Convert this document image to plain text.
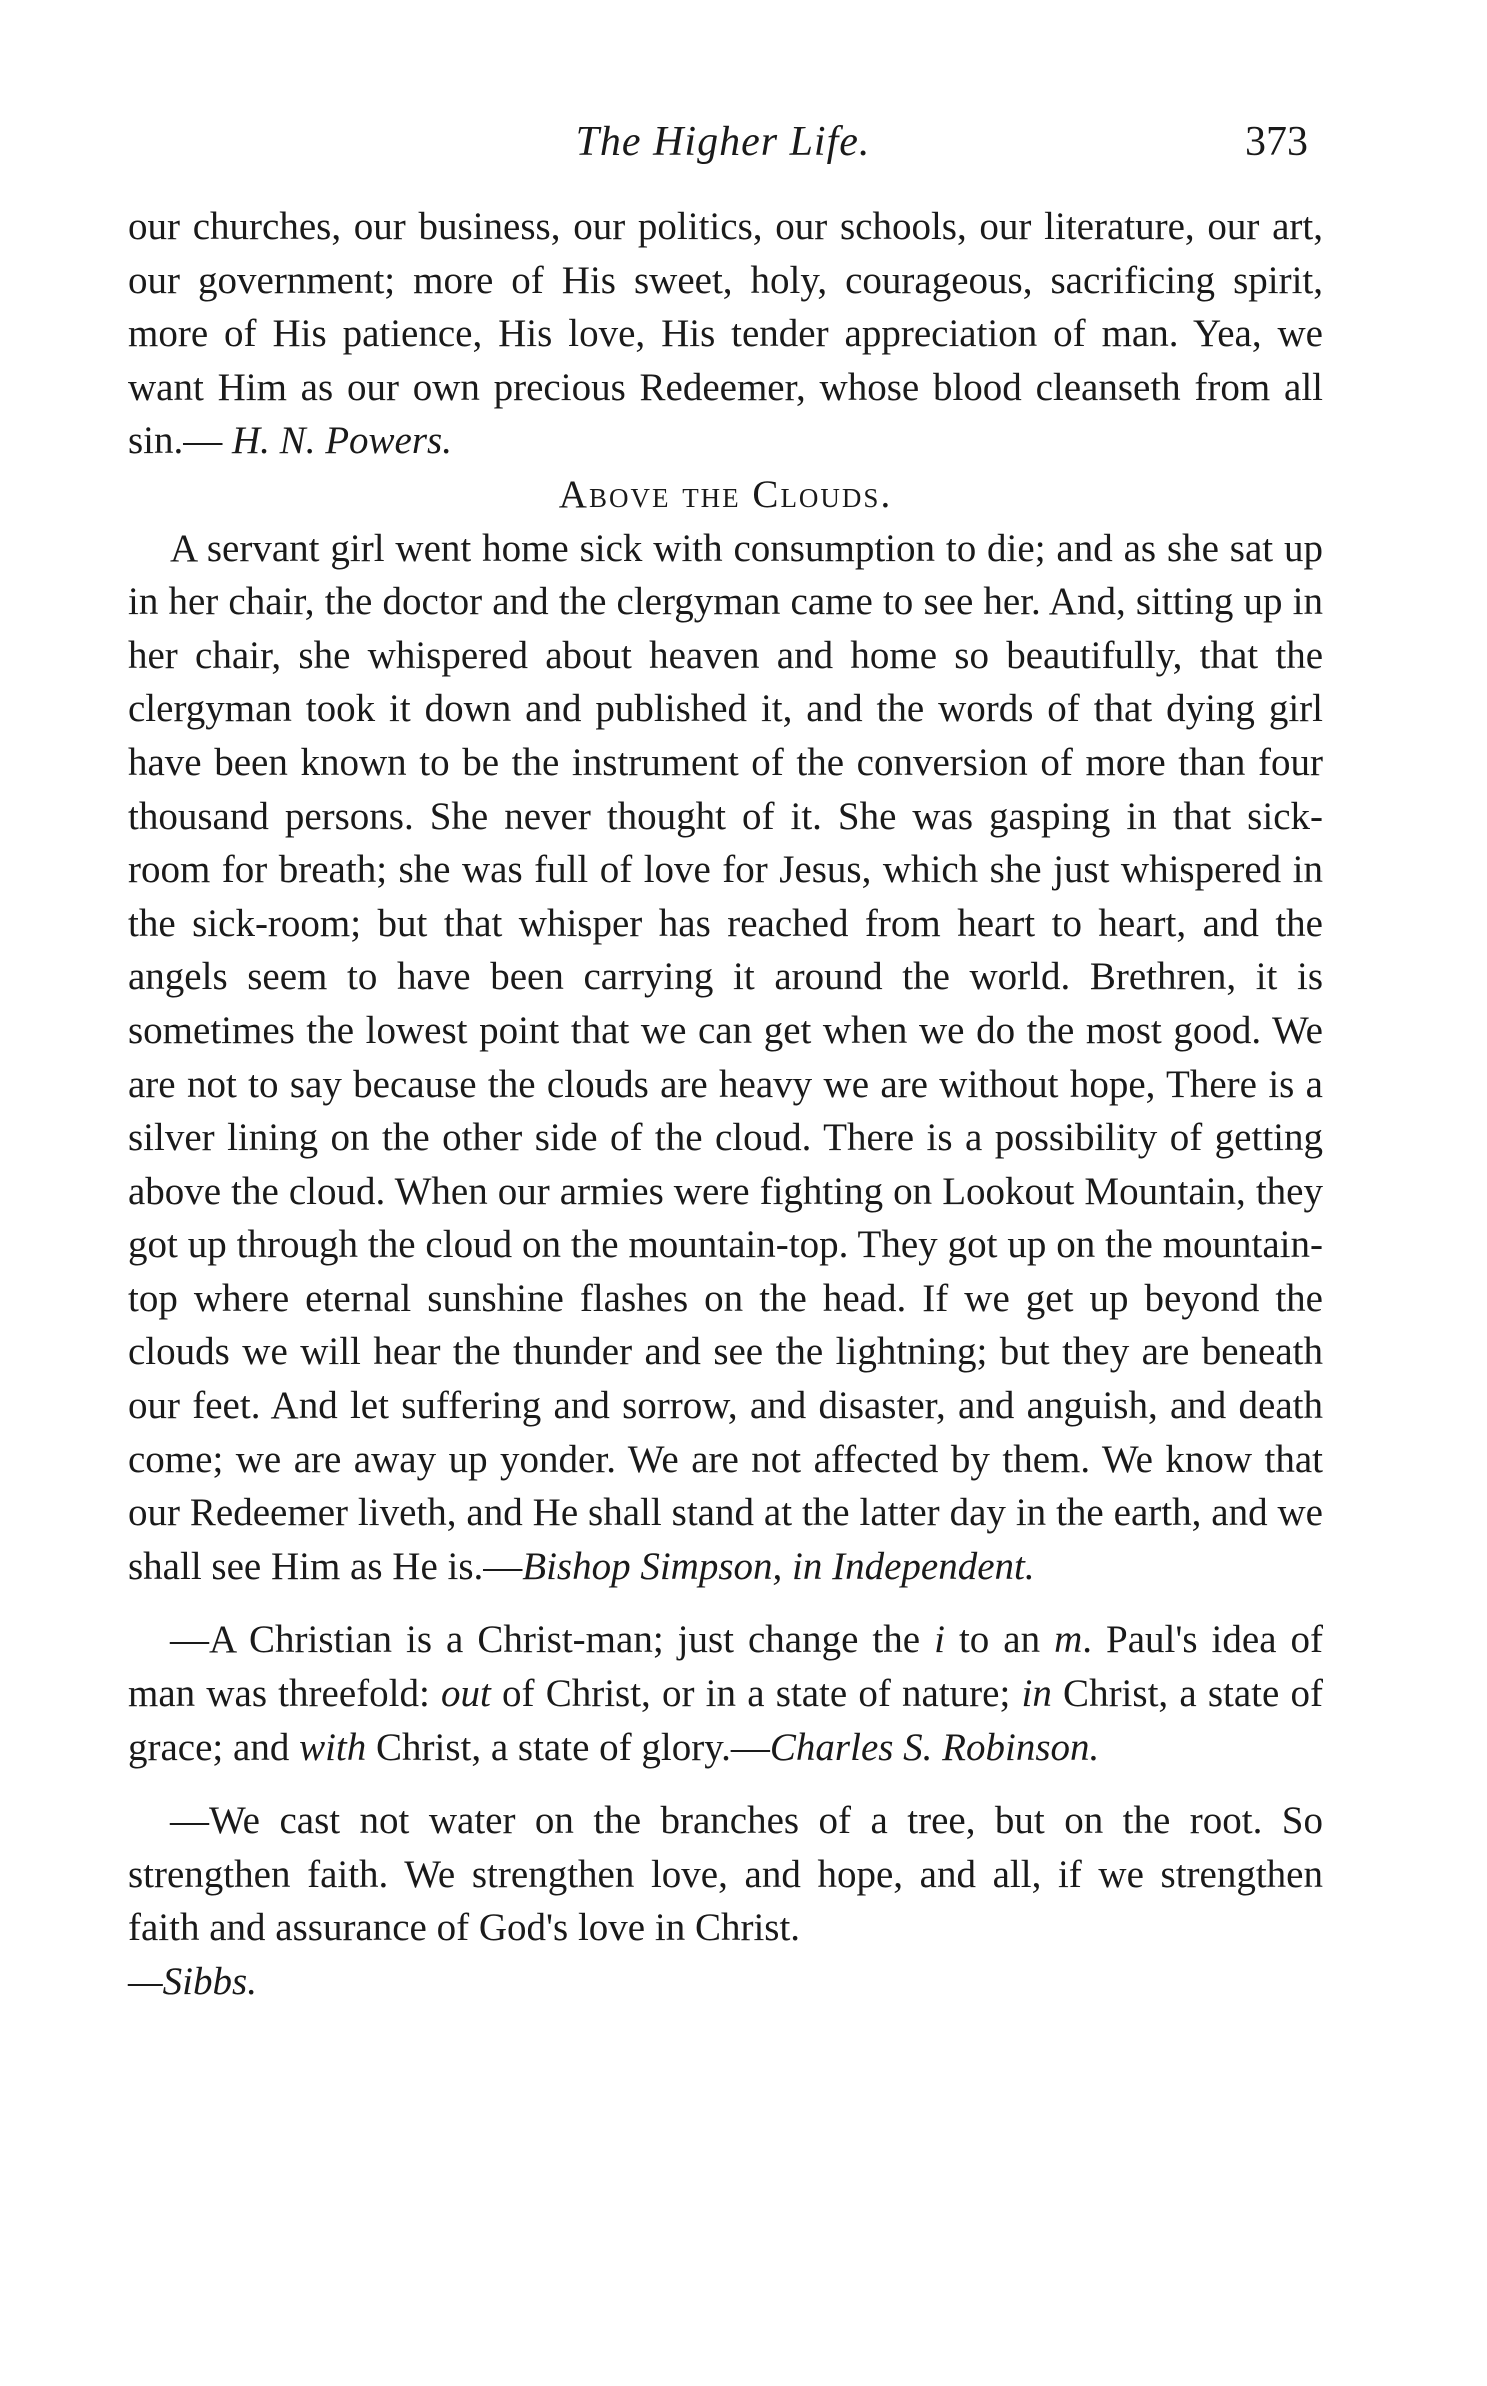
The Higher Life.	373

our churches, our business, our politics, our schools, our literature, our art, our government; more of His sweet, holy, courageous, sacrificing spirit, more of His patience, His love, His tender appreciation of man. Yea, we want Him as our own precious Redeemer, whose blood cleanseth from all sin.— H. N. Powers.

Above the Clouds.

A servant girl went home sick with consumption to die; and as she sat up in her chair, the doctor and the clergyman came to see her. And, sitting up in her chair, she whispered about heaven and home so beautifully, that the clergyman took it down and published it, and the words of that dying girl have been known to be the instrument of the conversion of more than four thousand persons. She never thought of it. She was gasping in that sick-room for breath; she was full of love for Jesus, which she just whispered in the sick-room; but that whisper has reached from heart to heart, and the angels seem to have been carrying it around the world. Brethren, it is sometimes the lowest point that we can get when we do the most good. We are not to say because the clouds are heavy we are without hope, There is a silver lining on the other side of the cloud. There is a possibility of getting above the cloud. When our armies were fighting on Lookout Mountain, they got up through the cloud on the mountain-top. They got up on the mountain-top where eternal sunshine flashes on the head. If we get up beyond the clouds we will hear the thunder and see the lightning; but they are beneath our feet. And let suffering and sorrow, and disaster, and anguish, and death come; we are away up yonder. We are not affected by them. We know that our Redeemer liveth, and He shall stand at the latter day in the earth, and we shall see Him as He is.—Bishop Simpson, in Independent.

—A Christian is a Christ-man; just change the i to an m. Paul's idea of man was threefold: out of Christ, or in a state of nature; in Christ, a state of grace; and with Christ, a state of glory.—Charles S. Robinson.

—We cast not water on the branches of a tree, but on the root. So strengthen faith. We strengthen love, and hope, and all, if we strengthen faith and assurance of God's love in Christ.
—Sibbs.
